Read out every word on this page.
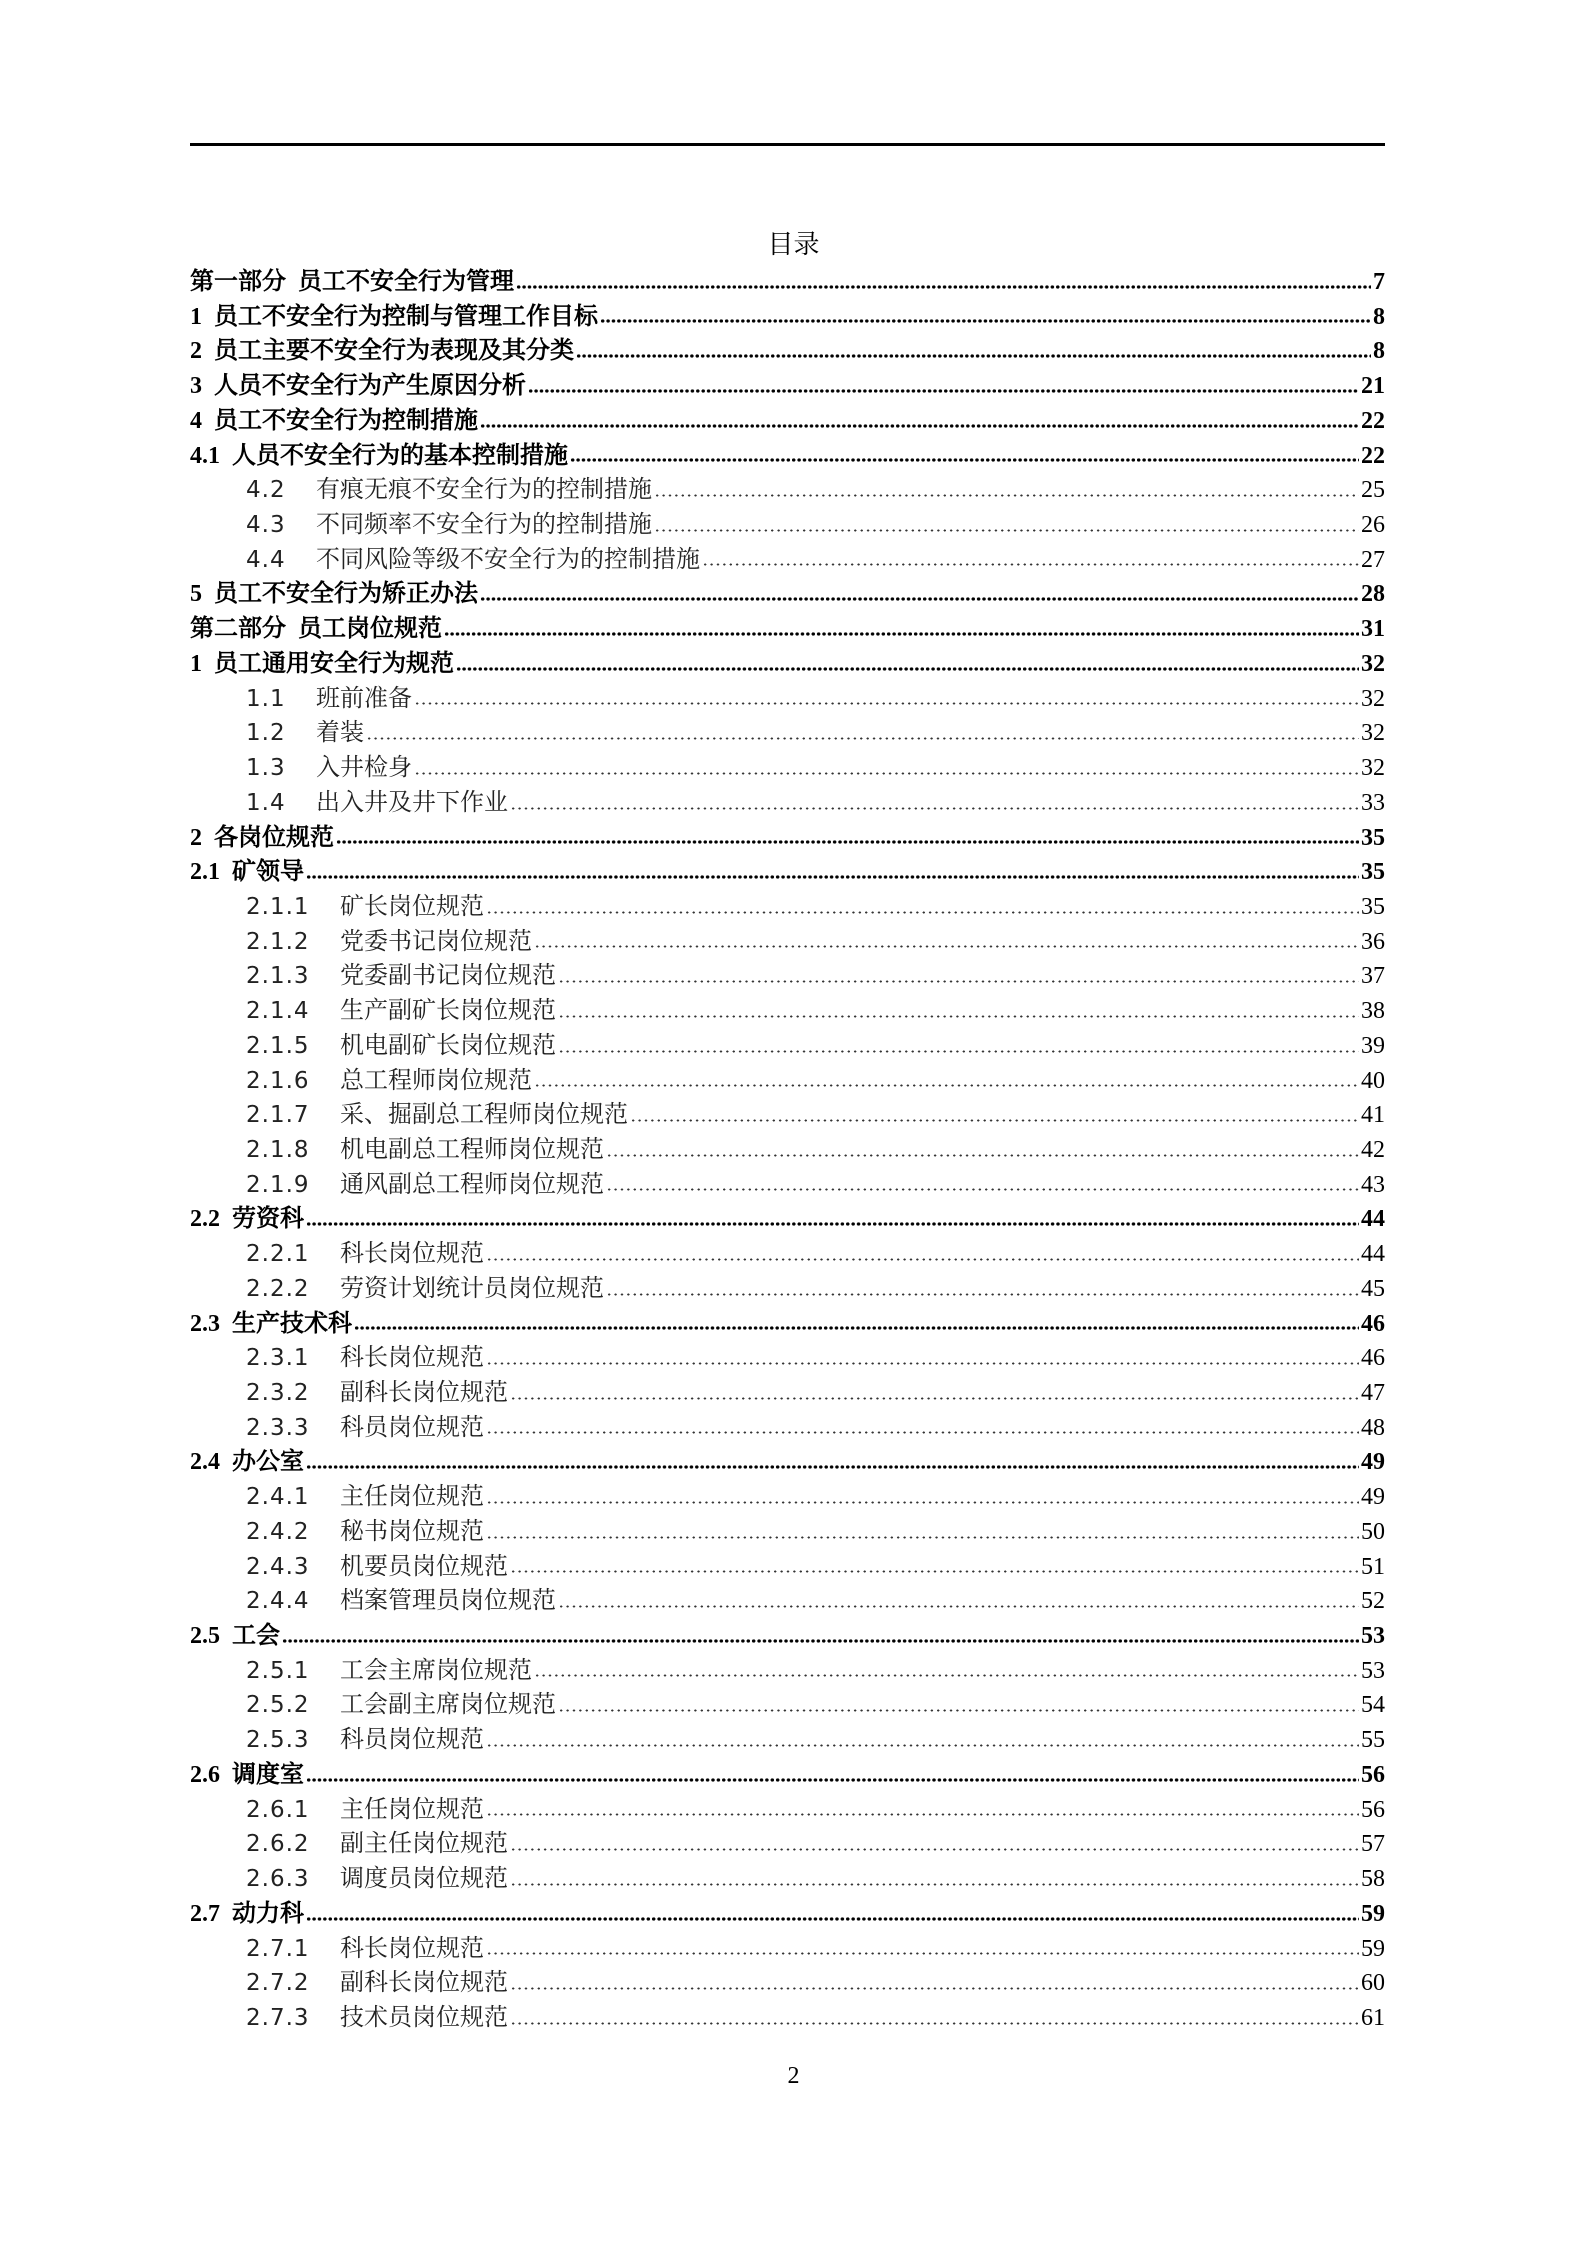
目录
第一部分 员工不安全行为管理	7
1 员工不安全行为控制与管理工作目标	8
2 员工主要不安全行为表现及其分类	8
3 人员不安全行为产生原因分析	21
4 员工不安全行为控制措施	22
4.1 人员不安全行为的基本控制措施	22
4.2	有痕无痕不安全行为的控制措施	25
4.3	不同频率不安全行为的控制措施	26
4.4	不同风险等级不安全行为的控制措施	27
5 员工不安全行为矫正办法	28
第二部分 员工岗位规范	31
1 员工通用安全行为规范	32
1.1	班前准备	32
1.2	着装	32
1.3	入井检身	32
1.4	出入井及井下作业	33
2 各岗位规范	35
2.1 矿领导	35
2.1.1	矿长岗位规范	35
2.1.2	党委书记岗位规范	36
2.1.3	党委副书记岗位规范	37
2.1.4	生产副矿长岗位规范	38
2.1.5	机电副矿长岗位规范	39
2.1.6	总工程师岗位规范	40
2.1.7	采、掘副总工程师岗位规范	41
2.1.8	机电副总工程师岗位规范	42
2.1.9	通风副总工程师岗位规范	43
2.2 劳资科	44
2.2.1	科长岗位规范	44
2.2.2	劳资计划统计员岗位规范	45
2.3 生产技术科	46
2.3.1	科长岗位规范	46
2.3.2	副科长岗位规范	47
2.3.3	科员岗位规范	48
2.4 办公室	49
2.4.1	主任岗位规范	49
2.4.2	秘书岗位规范	50
2.4.3	机要员岗位规范	51
2.4.4	档案管理员岗位规范	52
2.5 工会	53
2.5.1	工会主席岗位规范	53
2.5.2	工会副主席岗位规范	54
2.5.3	科员岗位规范	55
2.6 调度室	56
2.6.1	主任岗位规范	56
2.6.2	副主任岗位规范	57
2.6.3	调度员岗位规范	58
2.7 动力科	59
2.7.1	科长岗位规范	59
2.7.2	副科长岗位规范	60
2.7.3	技术员岗位规范	61
2
